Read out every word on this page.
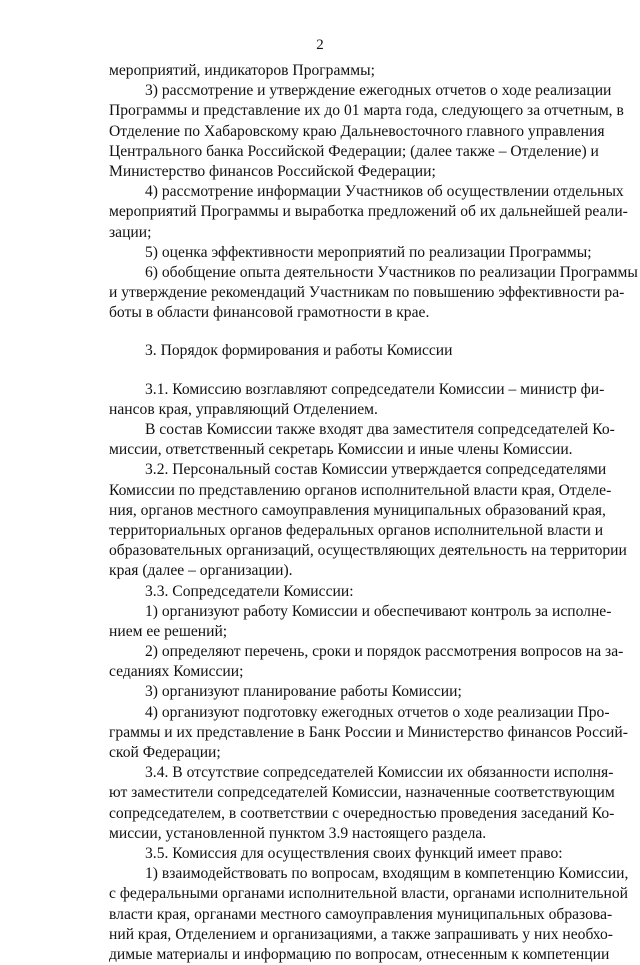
2
мероприятий, индикаторов Программы;
3) рассмотрение и утверждение ежегодных отчетов о ходе реализации
Программы и представление их до 01 марта года, следующего за отчетным, в
Отделение по Хабаровскому краю Дальневосточного главного управления
Центрального банка Российской Федерации; (далее также – Отделение) и
Министерство финансов Российской Федерации;
4) рассмотрение информации Участников об осуществлении отдельных
мероприятий Программы и выработка предложений об их дальнейшей реали-
зации;
5) оценка эффективности мероприятий по реализации Программы;
6) обобщение опыта деятельности Участников по реализации Программы
и утверждение рекомендаций Участникам по повышению эффективности ра-
боты в области финансовой грамотности в крае.
3. Порядок формирования и работы Комиссии
3.1. Комиссию возглавляют сопредседатели Комиссии – министр фи-
нансов края, управляющий Отделением.
В состав Комиссии также входят два заместителя сопредседателей Ко-
миссии, ответственный секретарь Комиссии и иные члены Комиссии.
3.2. Персональный состав Комиссии утверждается сопредседателями
Комиссии по представлению органов исполнительной власти края, Отделе-
ния, органов местного самоуправления муниципальных образований края,
территориальных органов федеральных органов исполнительной власти и
образовательных организаций, осуществляющих деятельность на территории
края (далее – организации).
3.3. Сопредседатели Комиссии:
1) организуют работу Комиссии и обеспечивают контроль за исполне-
нием ее решений;
2) определяют перечень, сроки и порядок рассмотрения вопросов на за-
седаниях Комиссии;
3) организуют планирование работы Комиссии;
4) организуют подготовку ежегодных отчетов о ходе реализации Про-
граммы и их представление в Банк России и Министерство финансов Россий-
ской Федерации;
3.4. В отсутствие сопредседателей Комиссии их обязанности исполня-
ют заместители сопредседателей Комиссии, назначенные соответствующим
сопредседателем, в соответствии с очередностью проведения заседаний Ко-
миссии, установленной пунктом 3.9 настоящего раздела.
3.5. Комиссия для осуществления своих функций имеет право:
1) взаимодействовать по вопросам, входящим в компетенцию Комиссии,
с федеральными органами исполнительной власти, органами исполнительной
власти края, органами местного самоуправления муниципальных образова-
ний края, Отделением и организациями, а также запрашивать у них необхо-
димые материалы и информацию по вопросам, отнесенным к компетенции
